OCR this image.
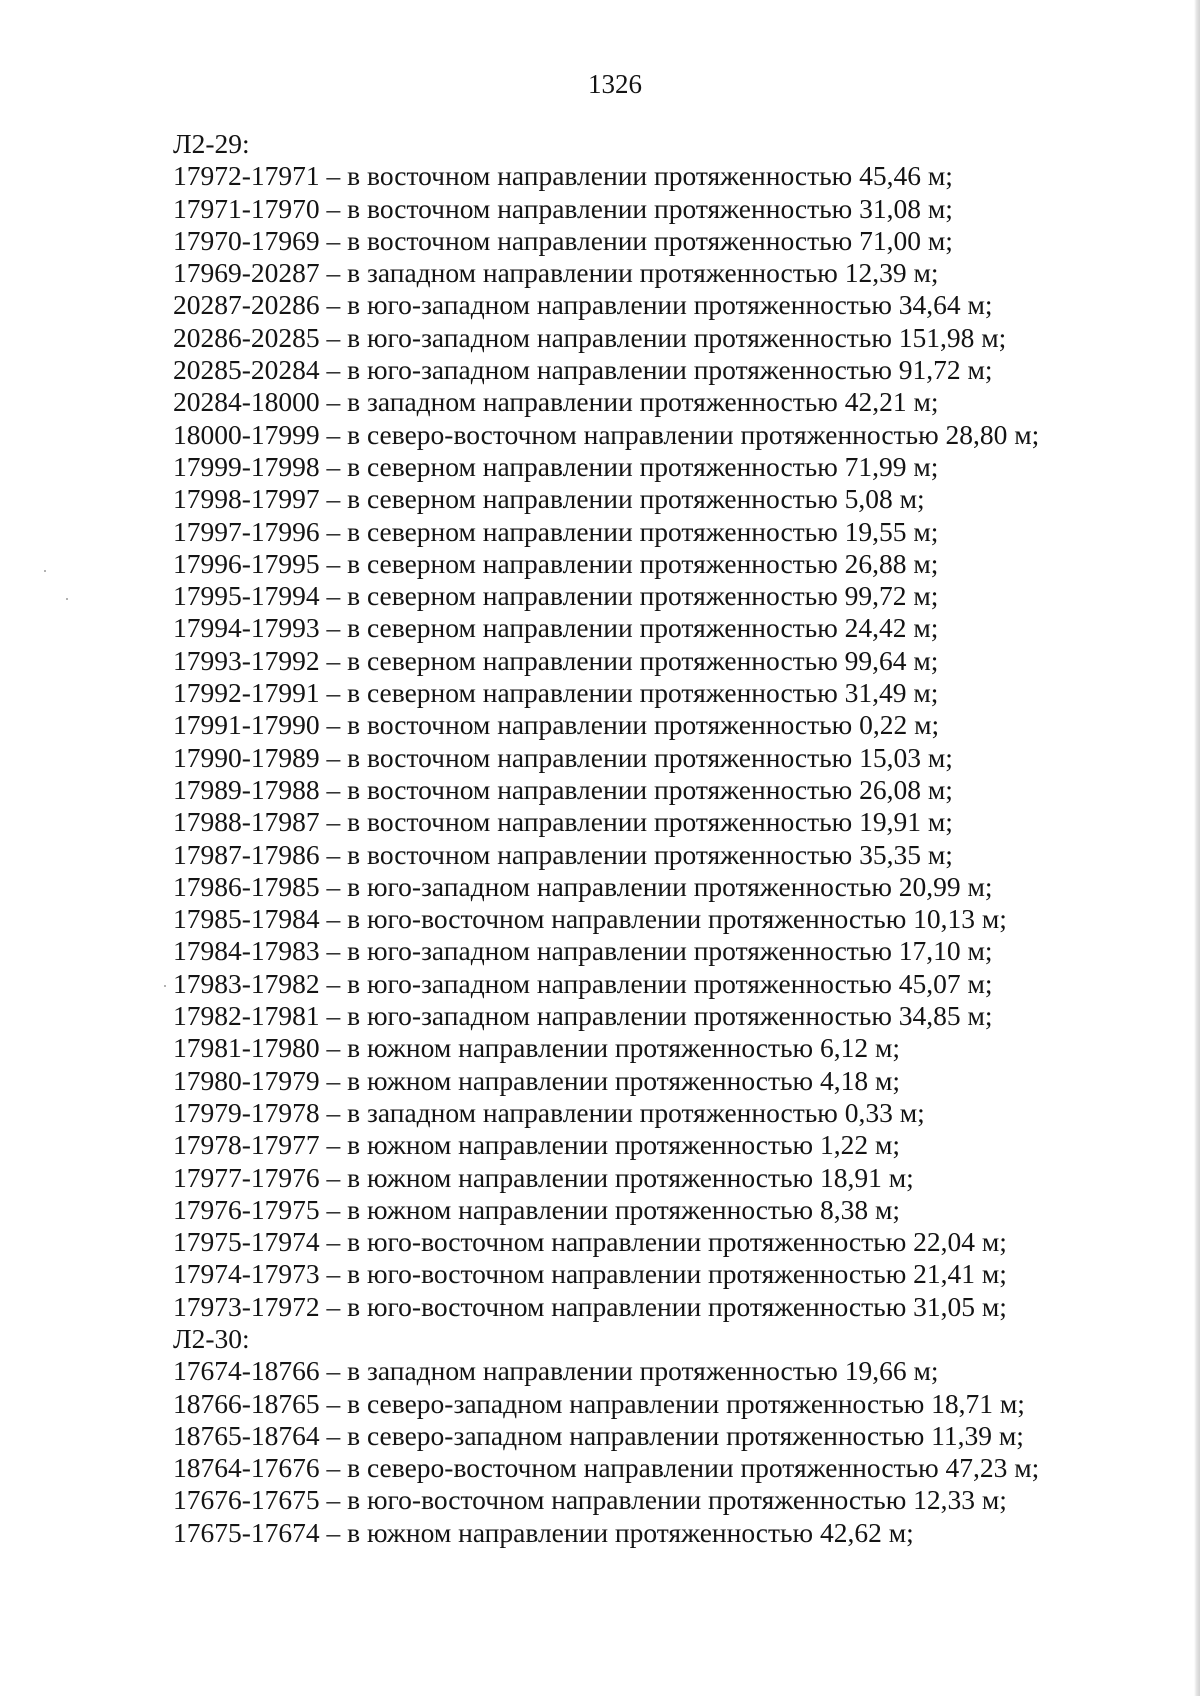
1326
Л2-29:
17972-17971 – в восточном направлении протяженностью 45,46 м;
17971-17970 – в восточном направлении протяженностью 31,08 м;
17970-17969 – в восточном направлении протяженностью 71,00 м;
17969-20287 – в западном направлении протяженностью 12,39 м;
20287-20286 – в юго-западном направлении протяженностью 34,64 м;
20286-20285 – в юго-западном направлении протяженностью 151,98 м;
20285-20284 – в юго-западном направлении протяженностью 91,72 м;
20284-18000 – в западном направлении протяженностью 42,21 м;
18000-17999 – в северо-восточном направлении протяженностью 28,80 м;
17999-17998 – в северном направлении протяженностью 71,99 м;
17998-17997 – в северном направлении протяженностью 5,08 м;
17997-17996 – в северном направлении протяженностью 19,55 м;
17996-17995 – в северном направлении протяженностью 26,88 м;
17995-17994 – в северном направлении протяженностью 99,72 м;
17994-17993 – в северном направлении протяженностью 24,42 м;
17993-17992 – в северном направлении протяженностью 99,64 м;
17992-17991 – в северном направлении протяженностью 31,49 м;
17991-17990 – в восточном направлении протяженностью 0,22 м;
17990-17989 – в восточном направлении протяженностью 15,03 м;
17989-17988 – в восточном направлении протяженностью 26,08 м;
17988-17987 – в восточном направлении протяженностью 19,91 м;
17987-17986 – в восточном направлении протяженностью 35,35 м;
17986-17985 – в юго-западном направлении протяженностью 20,99 м;
17985-17984 – в юго-восточном направлении протяженностью 10,13 м;
17984-17983 – в юго-западном направлении протяженностью 17,10 м;
17983-17982 – в юго-западном направлении протяженностью 45,07 м;
17982-17981 – в юго-западном направлении протяженностью 34,85 м;
17981-17980 – в южном направлении протяженностью 6,12 м;
17980-17979 – в южном направлении протяженностью 4,18 м;
17979-17978 – в западном направлении протяженностью 0,33 м;
17978-17977 – в южном направлении протяженностью 1,22 м;
17977-17976 – в южном направлении протяженностью 18,91 м;
17976-17975 – в южном направлении протяженностью 8,38 м;
17975-17974 – в юго-восточном направлении протяженностью 22,04 м;
17974-17973 – в юго-восточном направлении протяженностью 21,41 м;
17973-17972 – в юго-восточном направлении протяженностью 31,05 м;
Л2-30:
17674-18766 – в западном направлении протяженностью 19,66 м;
18766-18765 – в северо-западном направлении протяженностью 18,71 м;
18765-18764 – в северо-западном направлении протяженностью 11,39 м;
18764-17676 – в северо-восточном направлении протяженностью 47,23 м;
17676-17675 – в юго-восточном направлении протяженностью 12,33 м;
17675-17674 – в южном направлении протяженностью 42,62 м;
